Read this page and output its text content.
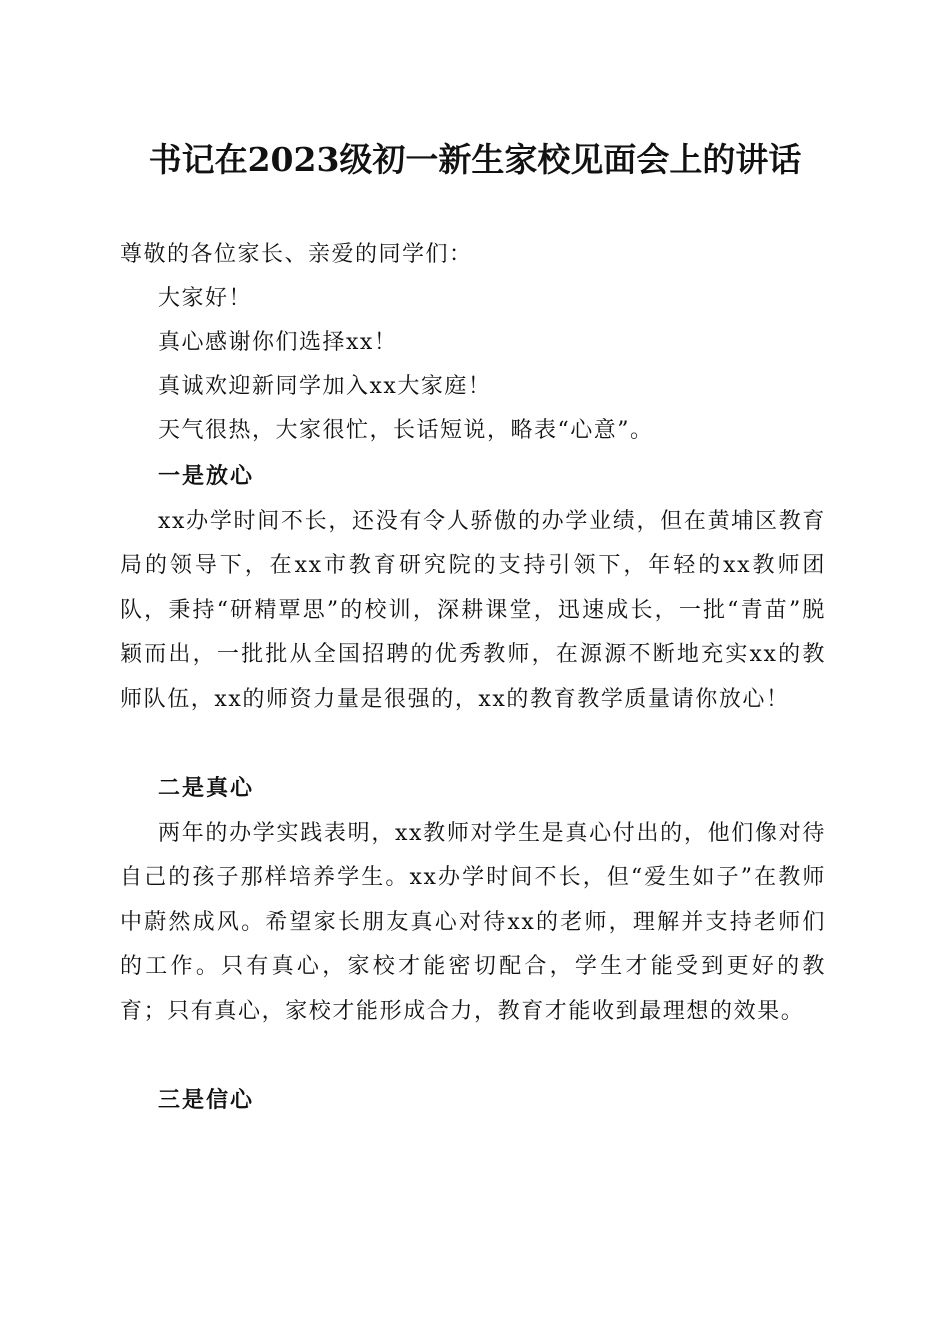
书记在2023级初一新生家校见面会上的讲话
尊敬的各位家长、亲爱的同学们：
大家好！
真心感谢你们选择xx！
真诚欢迎新同学加入xx大家庭！
天气很热，大家很忙，长话短说，略表“心意”。
一是放心
xx办学时间不长，还没有令人骄傲的办学业绩，但在黄埔区教育局的领导下，在xx市教育研究院的支持引领下，年轻的xx教师团队，秉持“研精覃思”的校训，深耕课堂，迅速成长，一批“青苗”脱颖而出，一批批从全国招聘的优秀教师，在源源不断地充实xx的教师队伍，xx的师资力量是很强的，xx的教育教学质量请你放心！
二是真心
两年的办学实践表明，xx教师对学生是真心付出的，他们像对待自己的孩子那样培养学生。xx办学时间不长，但“爱生如子”在教师中蔚然成风。希望家长朋友真心对待xx的老师，理解并支持老师们的工作。只有真心，家校才能密切配合，学生才能受到更好的教育；只有真心，家校才能形成合力，教育才能收到最理想的效果。
三是信心
